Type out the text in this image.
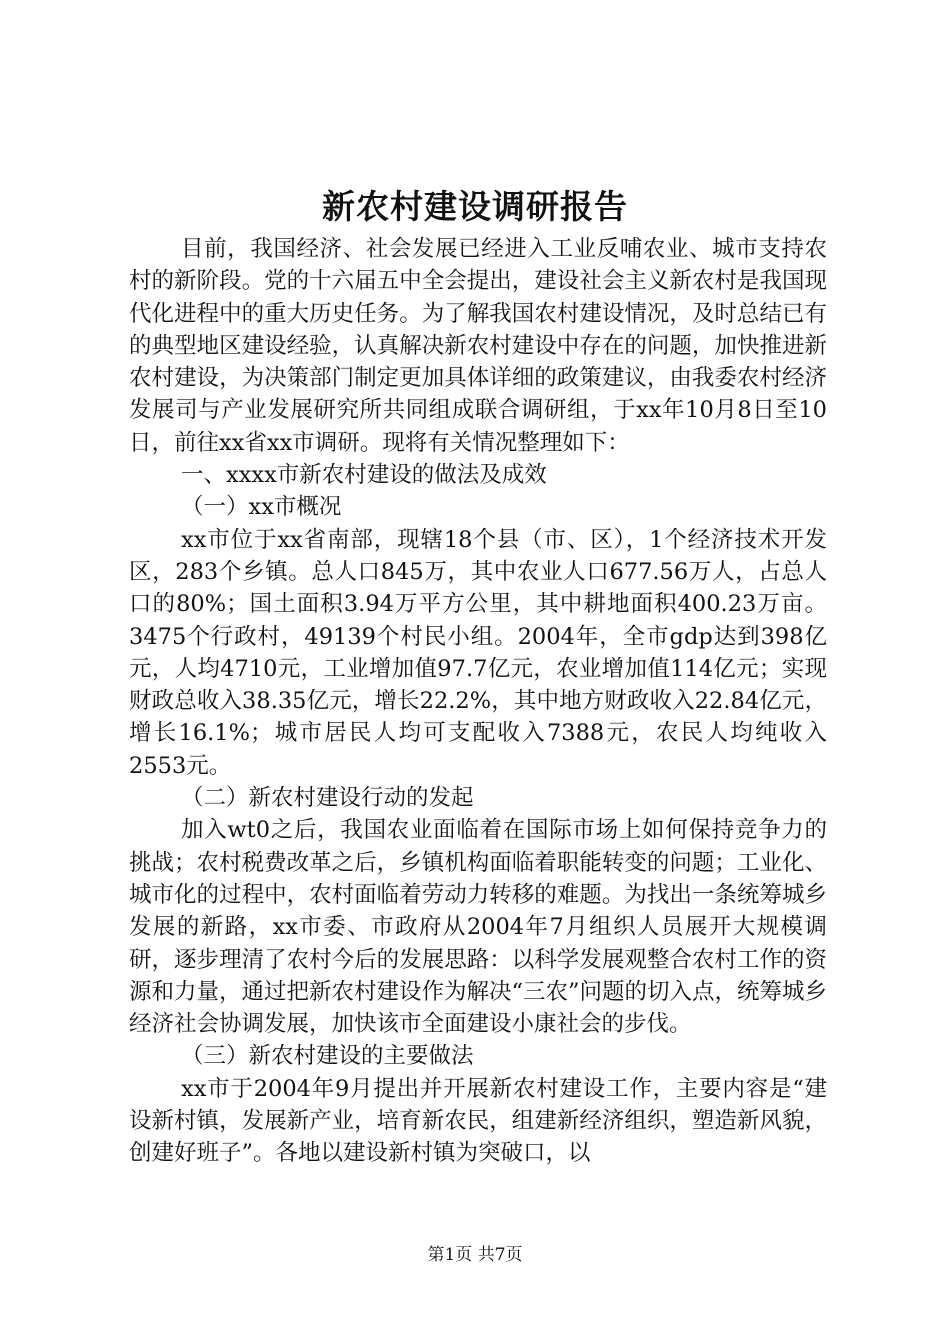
新农村建设调研报告

目前，我国经济、社会发展已经进入工业反哺农业、城市支持农村的新阶段。党的十六届五中全会提出，建设社会主义新农村是我国现代化进程中的重大历史任务。为了解我国农村建设情况，及时总结已有的典型地区建设经验，认真解决新农村建设中存在的问题，加快推进新农村建设，为决策部门制定更加具体详细的政策建议，由我委农村经济发展司与产业发展研究所共同组成联合调研组，于xx年10月8日至10日，前往xx省xx市调研。现将有关情况整理如下：

一、xxxx市新农村建设的做法及成效

（一）xx市概况

xx市位于xx省南部，现辖18个县（市、区），1个经济技术开发区，283个乡镇。总人口845万，其中农业人口677.56万人，占总人口的80%；国土面积3.94万平方公里，其中耕地面积400.23万亩。3475个行政村，49139个村民小组。2004年，全市gdp达到398亿元，人均4710元，工业增加值97.7亿元，农业增加值114亿元；实现财政总收入38.35亿元，增长22.2%，其中地方财政收入22.84亿元，增长16.1%；城市居民人均可支配收入7388元，农民人均纯收入2553元。

（二）新农村建设行动的发起

加入wt0之后，我国农业面临着在国际市场上如何保持竞争力的挑战；农村税费改革之后，乡镇机构面临着职能转变的问题；工业化、城市化的过程中，农村面临着劳动力转移的难题。为找出一条统筹城乡发展的新路，xx市委、市政府从2004年7月组织人员展开大规模调研，逐步理清了农村今后的发展思路：以科学发展观整合农村工作的资源和力量，通过把新农村建设作为解决“三农”问题的切入点，统筹城乡经济社会协调发展，加快该市全面建设小康社会的步伐。

（三）新农村建设的主要做法

xx市于2004年9月提出并开展新农村建设工作，主要内容是“建设新村镇，发展新产业，培育新农民，组建新经济组织，塑造新风貌，创建好班子”。各地以建设新村镇为突破口，以

第1页 共7页
